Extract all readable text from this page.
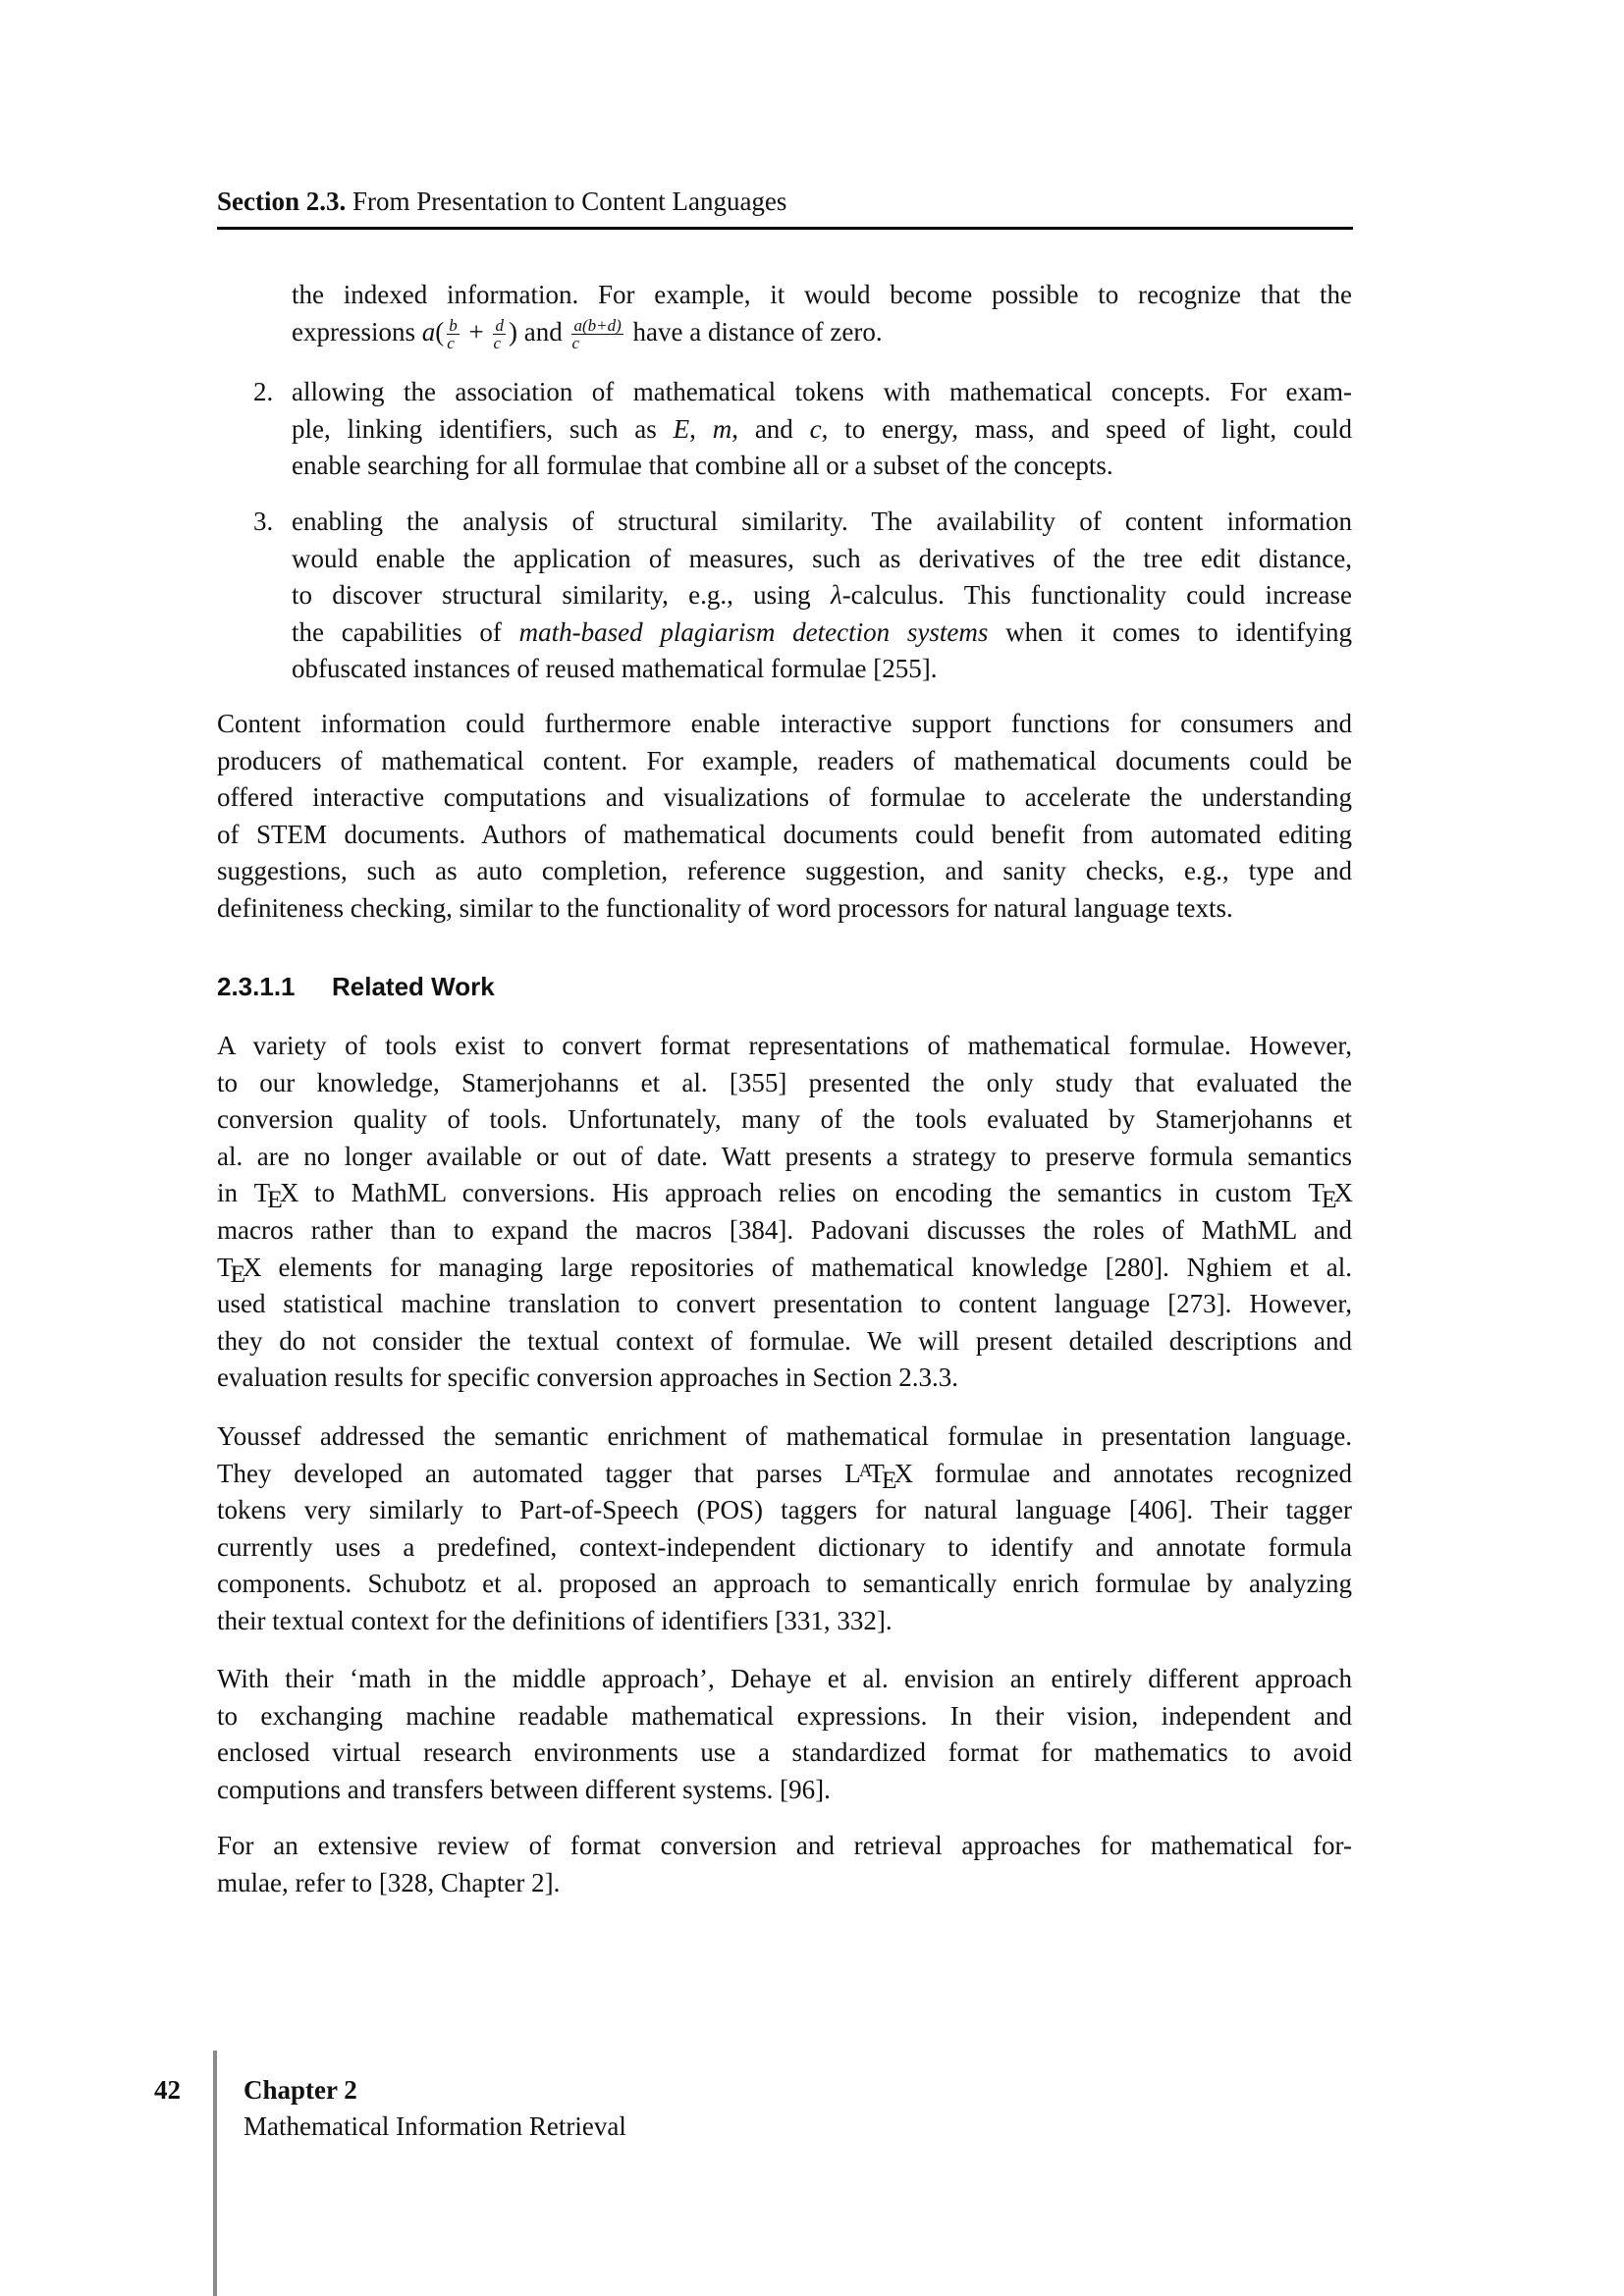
Section 2.3. From Presentation to Content Languages
the indexed information. For example, it would become possible to recognize that the
expressions $a( \frac{b}{c} + \frac{d}{c}$ ) and $\frac{a(b+d)}{c}$ have a distance of zero.
2. allowing the association of mathematical tokens with mathematical concepts. For exam-
ple, linking identifiers, such as E, m, and c, to energy, mass, and speed of light, could
enable searching for all formulae that combine all or a subset of the concepts.
3. enabling the analysis of structural similarity. The availability of content information
would enable the application of measures, such as derivatives of the tree edit distance,
to discover structural similarity, e.g., using λ-calculus. This functionality could increase
the capabilities of math-based plagiarism detection systems when it comes to identifying
obfuscated instances of reused mathematical formulae [255].
Content information could furthermore enable interactive support functions for consumers and
producers of mathematical content. For example, readers of mathematical documents could be
offered interactive computations and visualizations of formulae to accelerate the understanding
of STEM documents. Authors of mathematical documents could benefit from automated editing
suggestions, such as auto completion, reference suggestion, and sanity checks, e.g., type and
definiteness checking, similar to the functionality of word processors for natural language texts.
2.3.1.1 Related Work
A variety of tools exist to convert format representations of mathematical formulae. However,
to our knowledge, Stamerjohanns et al. [355] presented the only study that evaluated the
conversion quality of tools. Unfortunately, many of the tools evaluated by Stamerjohanns et
al. are no longer available or out of date. Watt presents a strategy to preserve formula semantics
in TEX to MathML conversions. His approach relies on encoding the semantics in custom TEX
macros rather than to expand the macros [384]. Padovani discusses the roles of MathML and
TEX elements for managing large repositories of mathematical knowledge [280]. Nghiem et al.
used statistical machine translation to convert presentation to content language [273]. However,
they do not consider the textual context of formulae. We will present detailed descriptions and
evaluation results for specific conversion approaches in Section 2.3.3.
Youssef addressed the semantic enrichment of mathematical formulae in presentation language.
They developed an automated tagger that parses $L^ATEX$ formulae and annotates recognized
tokens very similarly to Part-of-Speech (POS) taggers for natural language [406]. Their tagger
currently uses a predefined, context-independent dictionary to identify and annotate formula
components. Schubotz et al. proposed an approach to semantically enrich formulae by analyzing
their textual context for the definitions of identifiers [331, 332].
With their ‘math in the middle approach’, Dehaye et al. envision an entirely different approach
to exchanging machine readable mathematical expressions. In their vision, independent and
enclosed virtual research environments use a standardized format for mathematics to avoid
computions and transfers between different systems. [96].
For an extensive review of format conversion and retrieval approaches for mathematical for-
mulae, refer to [328, Chapter 2].
42 Chapter 2
Mathematical Information Retrieval
